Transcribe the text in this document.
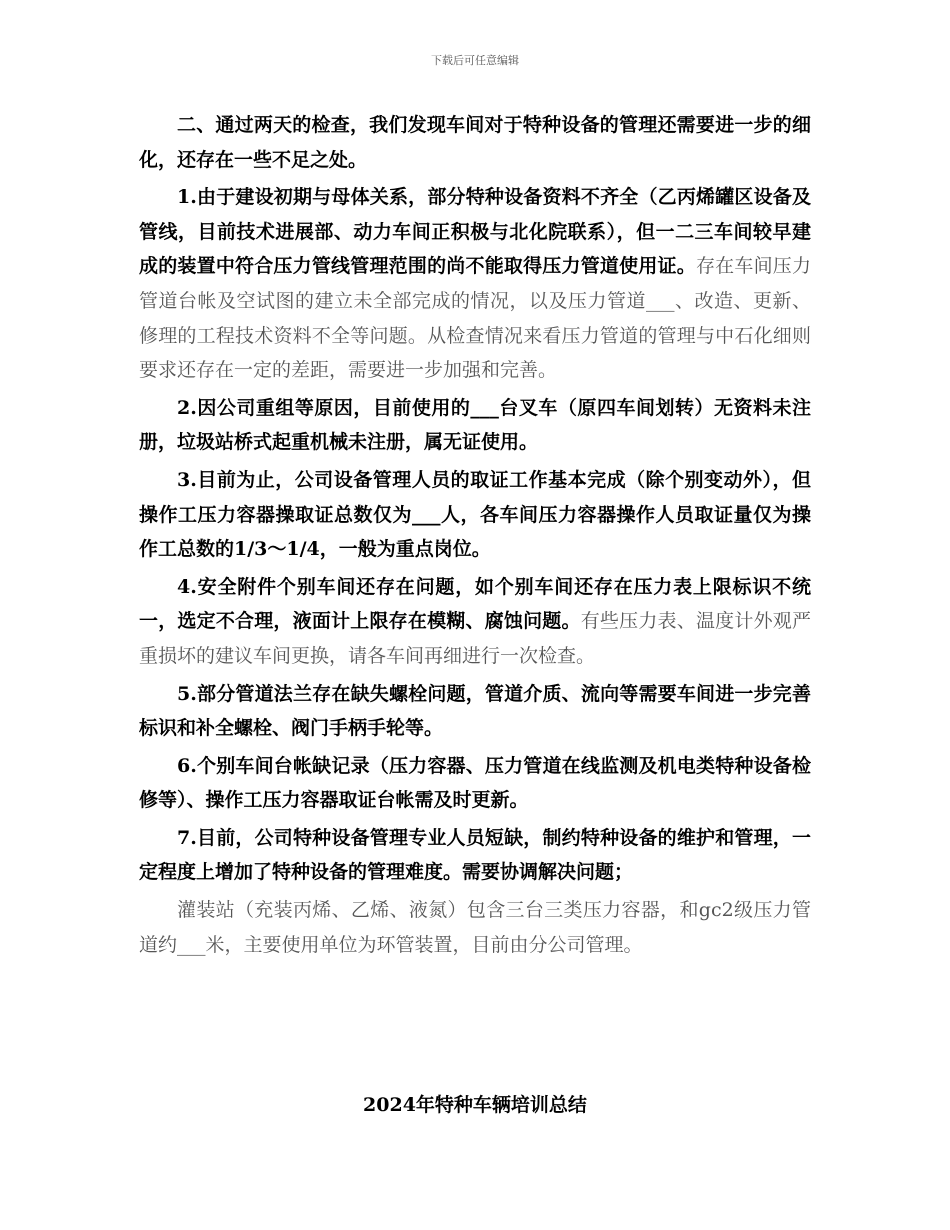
下载后可任意编辑

二、通过两天的检查，我们发现车间对于特种设备的管理还需要进一步的细化，还存在一些不足之处。

1.由于建设初期与母体关系，部分特种设备资料不齐全（乙丙烯罐区设备及管线，目前技术进展部、动力车间正积极与北化院联系），但一二三车间较早建成的装置中符合压力管线管理范围的尚不能取得压力管道使用证。存在车间压力管道台帐及空试图的建立未全部完成的情况，以及压力管道___、改造、更新、修理的工程技术资料不全等问题。从检查情况来看压力管道的管理与中石化细则要求还存在一定的差距，需要进一步加强和完善。

2.因公司重组等原因，目前使用的___台叉车（原四车间划转）无资料未注册，垃圾站桥式起重机械未注册，属无证使用。

3.目前为止，公司设备管理人员的取证工作基本完成（除个别变动外），但操作工压力容器操取证总数仅为___人，各车间压力容器操作人员取证量仅为操作工总数的1/3～1/4，一般为重点岗位。

4.安全附件个别车间还存在问题，如个别车间还存在压力表上限标识不统一，选定不合理，液面计上限存在模糊、腐蚀问题。有些压力表、温度计外观严重损坏的建议车间更换，请各车间再细进行一次检查。

5.部分管道法兰存在缺失螺栓问题，管道介质、流向等需要车间进一步完善标识和补全螺栓、阀门手柄手轮等。

6.个别车间台帐缺记录（压力容器、压力管道在线监测及机电类特种设备检修等）、操作工压力容器取证台帐需及时更新。

7.目前，公司特种设备管理专业人员短缺，制约特种设备的维护和管理，一定程度上增加了特种设备的管理难度。需要协调解决问题；

灌装站（充装丙烯、乙烯、液氮）包含三台三类压力容器，和gc2级压力管道约___米，主要使用单位为环管装置，目前由分公司管理。

2024年特种车辆培训总结
